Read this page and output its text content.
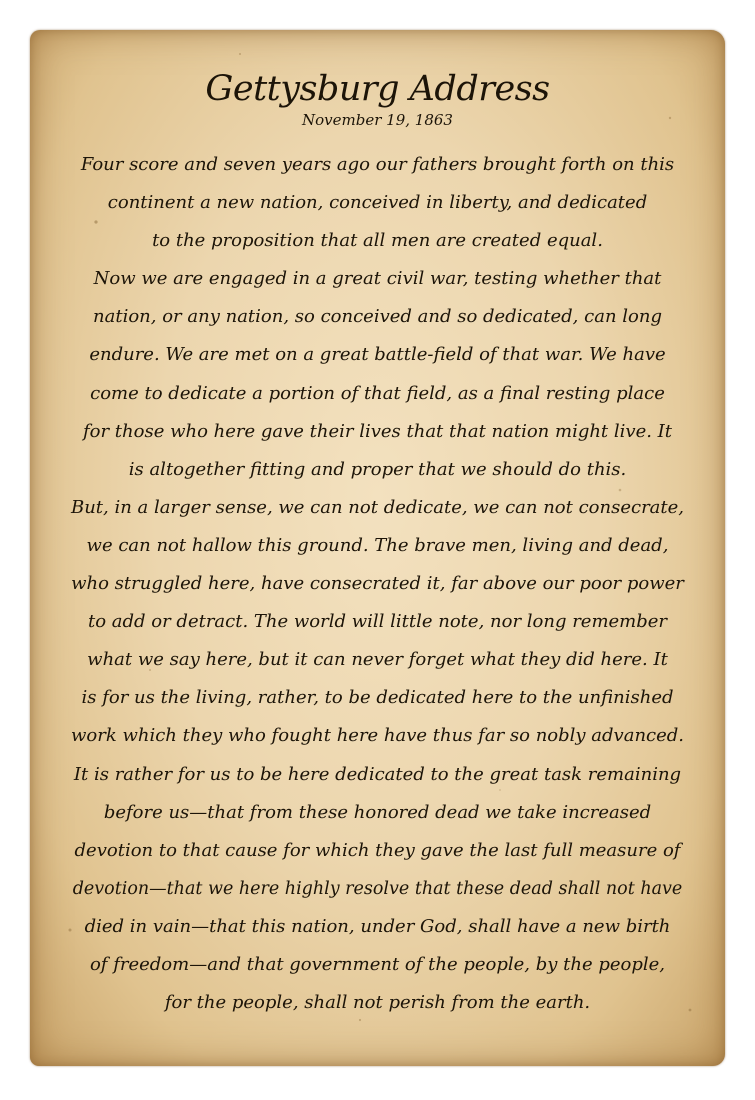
Gettysburg Address
November 19, 1863
Four score and seven years ago our fathers brought forth on this
continent a new nation, conceived in liberty, and dedicated
to the proposition that all men are created equal.
Now we are engaged in a great civil war, testing whether that
nation, or any nation, so conceived and so dedicated, can long
endure. We are met on a great battle-field of that war. We have
come to dedicate a portion of that field, as a final resting place
for those who here gave their lives that that nation might live. It
is altogether fitting and proper that we should do this.
But, in a larger sense, we can not dedicate, we can not consecrate,
we can not hallow this ground. The brave men, living and dead,
who struggled here, have consecrated it, far above our poor power
to add or detract. The world will little note, nor long remember
what we say here, but it can never forget what they did here. It
is for us the living, rather, to be dedicated here to the unfinished
work which they who fought here have thus far so nobly advanced.
It is rather for us to be here dedicated to the great task remaining
before us—that from these honored dead we take increased
devotion to that cause for which they gave the last full measure of
devotion—that we here highly resolve that these dead shall not have
died in vain—that this nation, under God, shall have a new birth
of freedom—and that government of the people, by the people,
for the people, shall not perish from the earth.
